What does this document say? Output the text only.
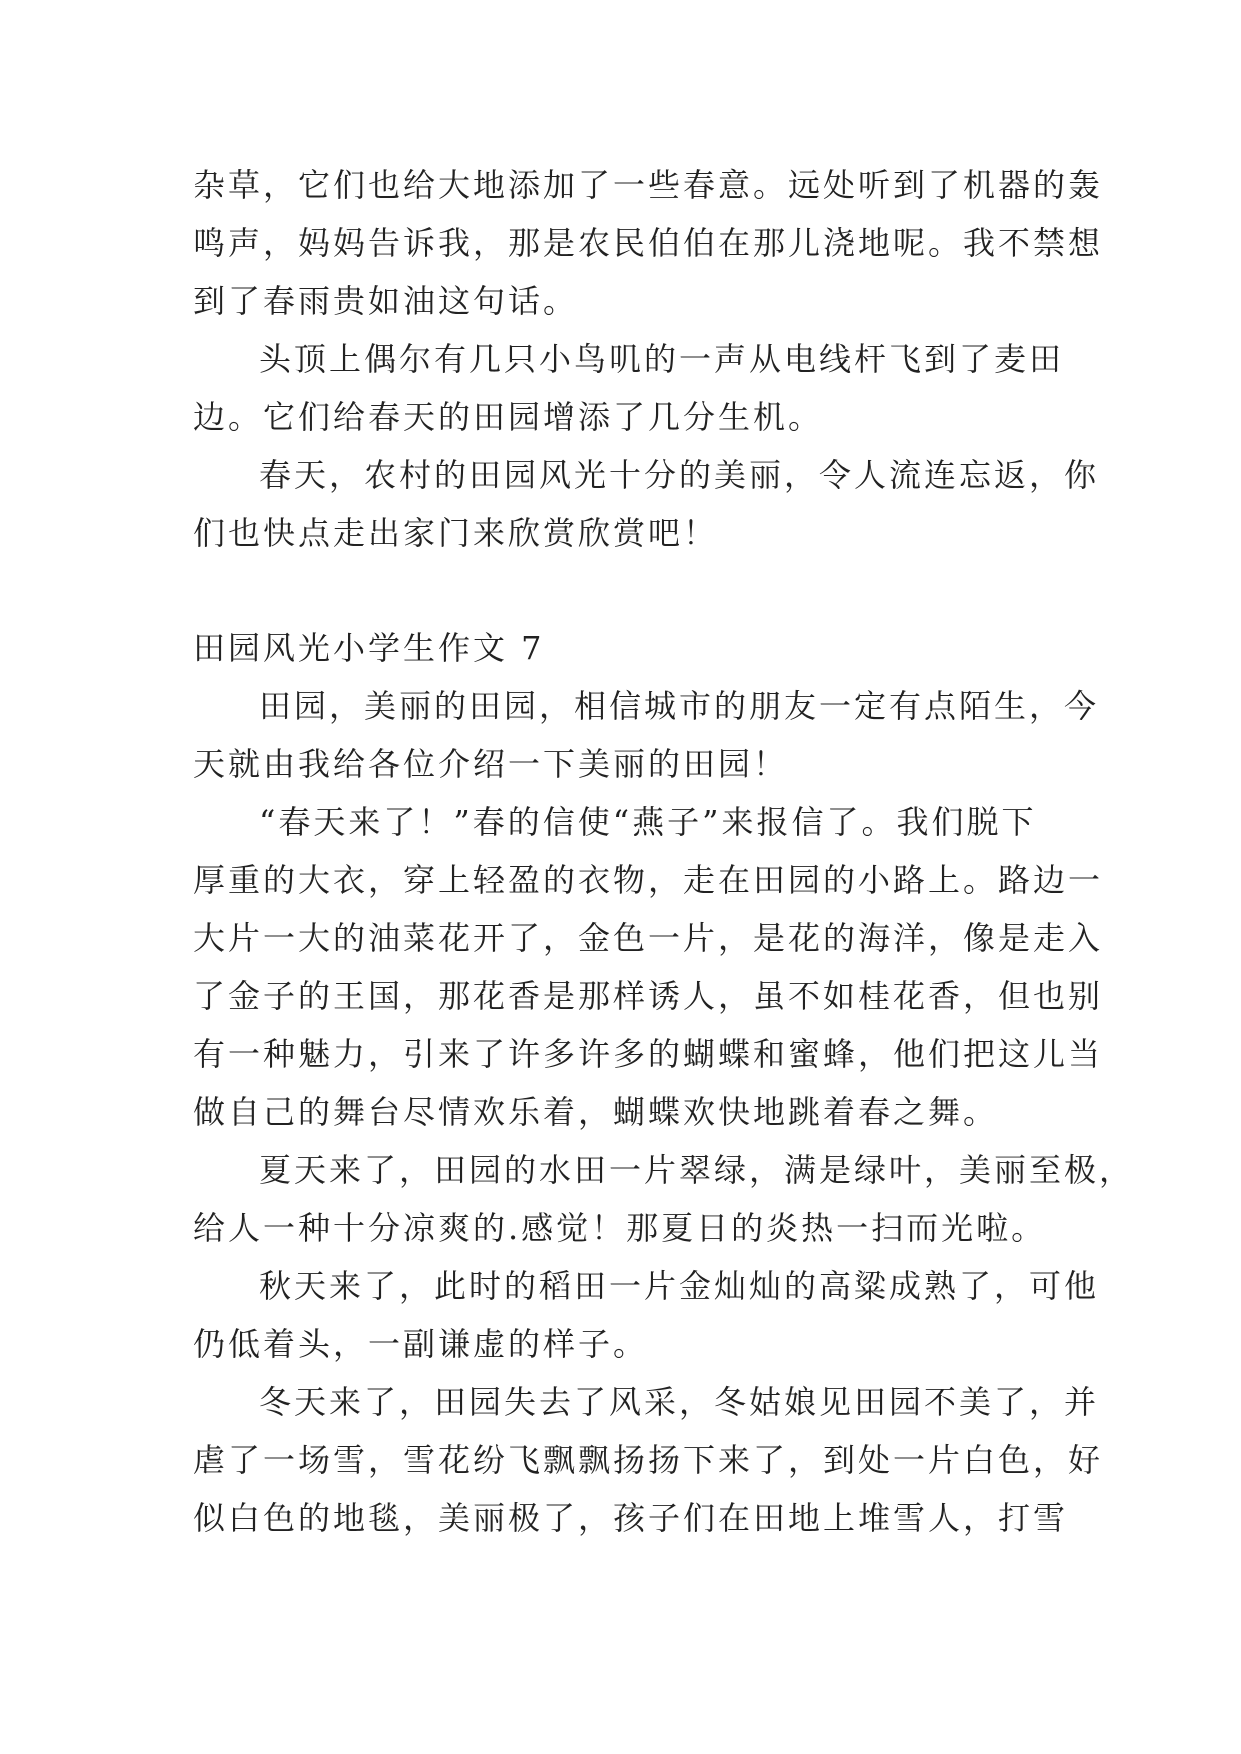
杂草，它们也给大地添加了一些春意。远处听到了机器的轰
鸣声，妈妈告诉我，那是农民伯伯在那儿浇地呢。我不禁想
到了春雨贵如油这句话。
头顶上偶尔有几只小鸟叽的一声从电线杆飞到了麦田
边。它们给春天的田园增添了几分生机。
春天，农村的田园风光十分的美丽，令人流连忘返，你
们也快点走出家门来欣赏欣赏吧！
田园风光小学生作文 7
田园，美丽的田园，相信城市的朋友一定有点陌生，今
天就由我给各位介绍一下美丽的田园！
“春天来了！”春的信使“燕子”来报信了。我们脱下
厚重的大衣，穿上轻盈的衣物，走在田园的小路上。路边一
大片一大的油菜花开了，金色一片，是花的海洋，像是走入
了金子的王国，那花香是那样诱人，虽不如桂花香，但也别
有一种魅力，引来了许多许多的蝴蝶和蜜蜂，他们把这儿当
做自己的舞台尽情欢乐着，蝴蝶欢快地跳着春之舞。
夏天来了，田园的水田一片翠绿，满是绿叶，美丽至极，
给人一种十分凉爽的.感觉！那夏日的炎热一扫而光啦。
秋天来了，此时的稻田一片金灿灿的高粱成熟了，可他
仍低着头，一副谦虚的样子。
冬天来了，田园失去了风采，冬姑娘见田园不美了，并
虐了一场雪，雪花纷飞飘飘扬扬下来了，到处一片白色，好
似白色的地毯，美丽极了，孩子们在田地上堆雪人，打雪
